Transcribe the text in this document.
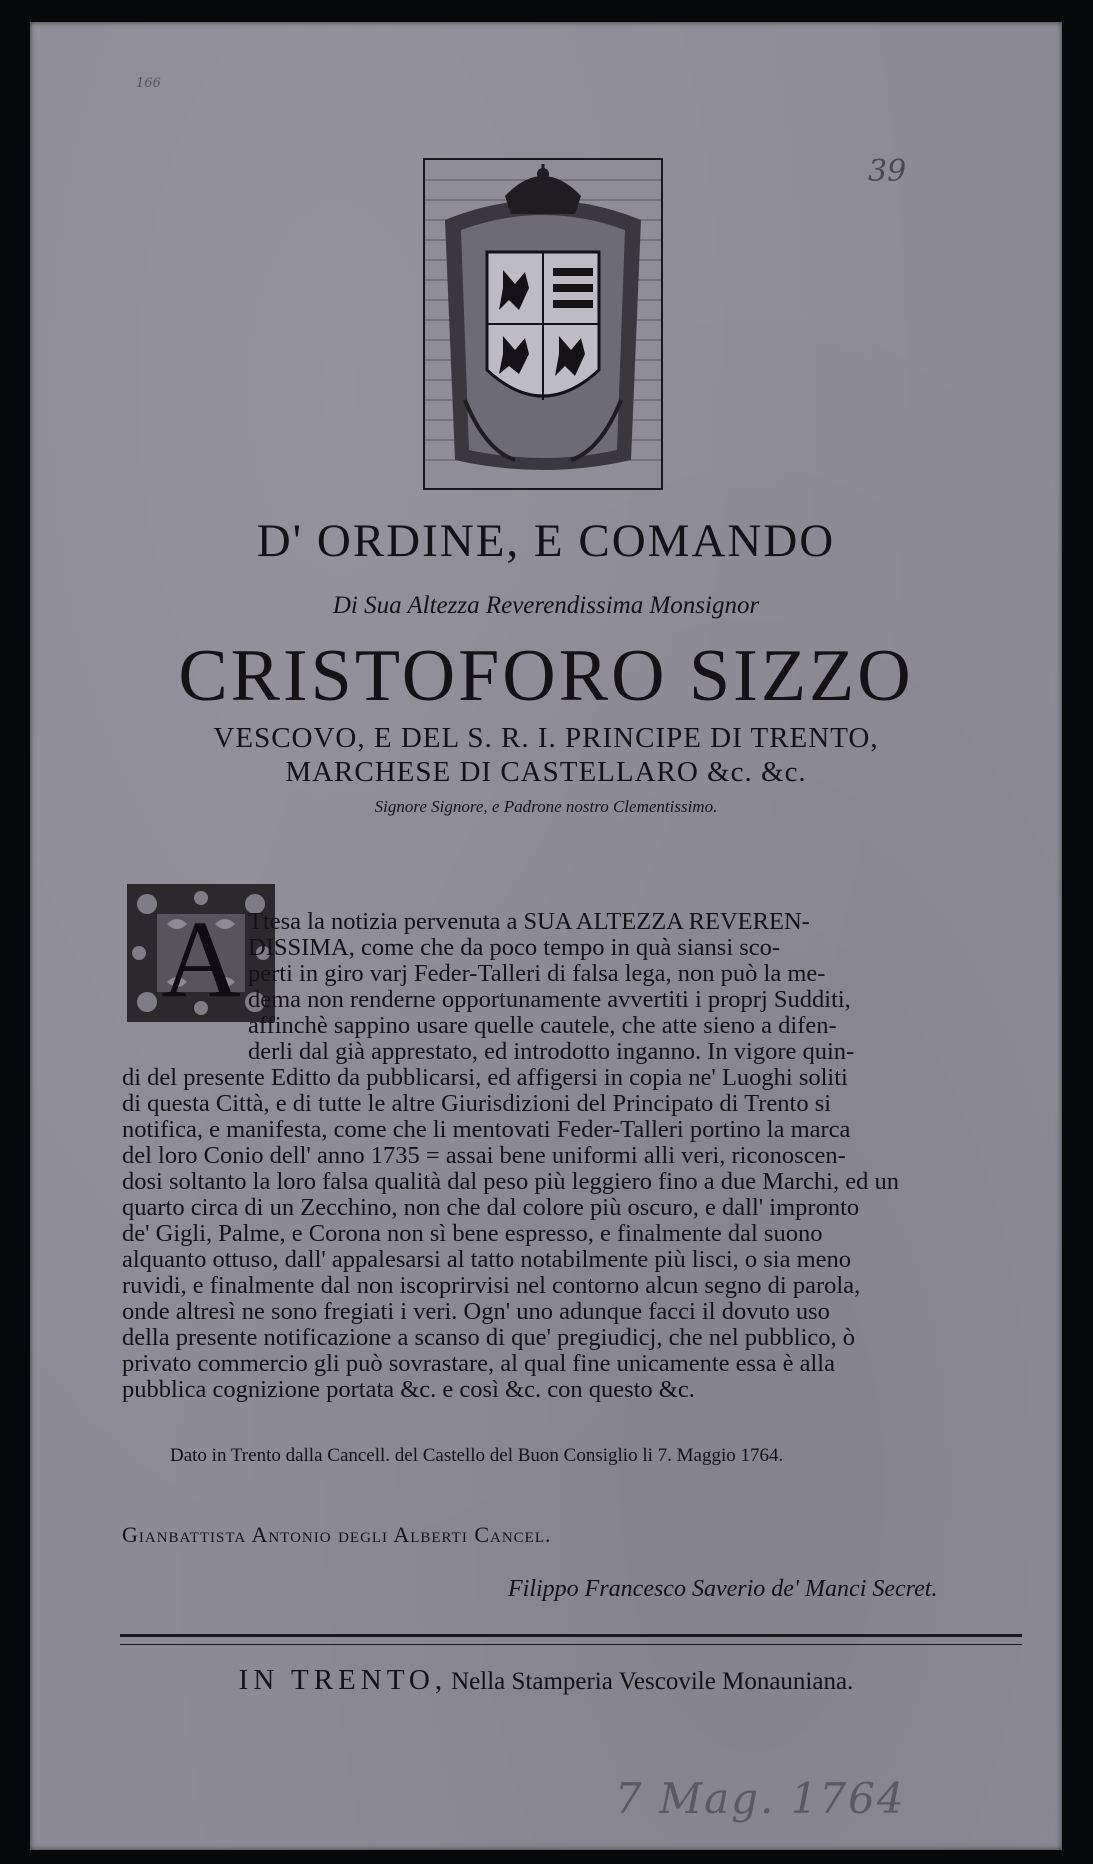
166
39
D' ORDINE, E COMANDO
Di Sua Altezza Reverendissima Monsignor
CRISTOFORO SIZZO
VESCOVO, E DEL S. R. I. PRINCIPE DI TRENTO,
MARCHESE DI CASTELLARO &c. &c.
Signore Signore, e Padrone nostro Clementissimo.
A Ttesa la notizia pervenuta a SUA ALTEZZA REVEREN-
DISSIMA, come che da poco tempo in quà siansi sco-
perti in giro varj Feder-Talleri di falsa lega, non può la me-
dema non renderne opportunamente avvertiti i proprj Sudditi,
affinchè sappino usare quelle cautele, che atte sieno a difen-
derli dal già apprestato, ed introdotto inganno. In vigore quin-
di del presente Editto da pubblicarsi, ed affigersi in copia ne' Luoghi soliti
di questa Città, e di tutte le altre Giurisdizioni del Principato di Trento si
notifica, e manifesta, come che li mentovati Feder-Talleri portino la marca
del loro Conio dell' anno 1735 = assai bene uniformi alli veri, riconoscen-
dosi soltanto la loro falsa qualità dal peso più leggiero fino a due Marchi, ed un
quarto circa di un Zecchino, non che dal colore più oscuro, e dall' impronto
de' Gigli, Palme, e Corona non sì bene espresso, e finalmente dal suono
alquanto ottuso, dall' appalesarsi al tatto notabilmente più lisci, o sia meno
ruvidi, e finalmente dal non iscoprirvisi nel contorno alcun segno di parola,
onde altresì ne sono fregiati i veri. Ogn' uno adunque facci il dovuto uso
della presente notificazione a scanso di que' pregiudicj, che nel pubblico, ò
privato commercio gli può sovrastare, al qual fine unicamente essa è alla
pubblica cognizione portata &c. e così &c. con questo &c.
Dato in Trento dalla Cancell. del Castello del Buon Consiglio li 7. Maggio 1764.
Gianbattista Antonio degli Alberti Cancel.
Filippo Francesco Saverio de' Manci Secret.
IN TRENTO, Nella Stamperia Vescovile Monauniana.
7 Mag. 1764
